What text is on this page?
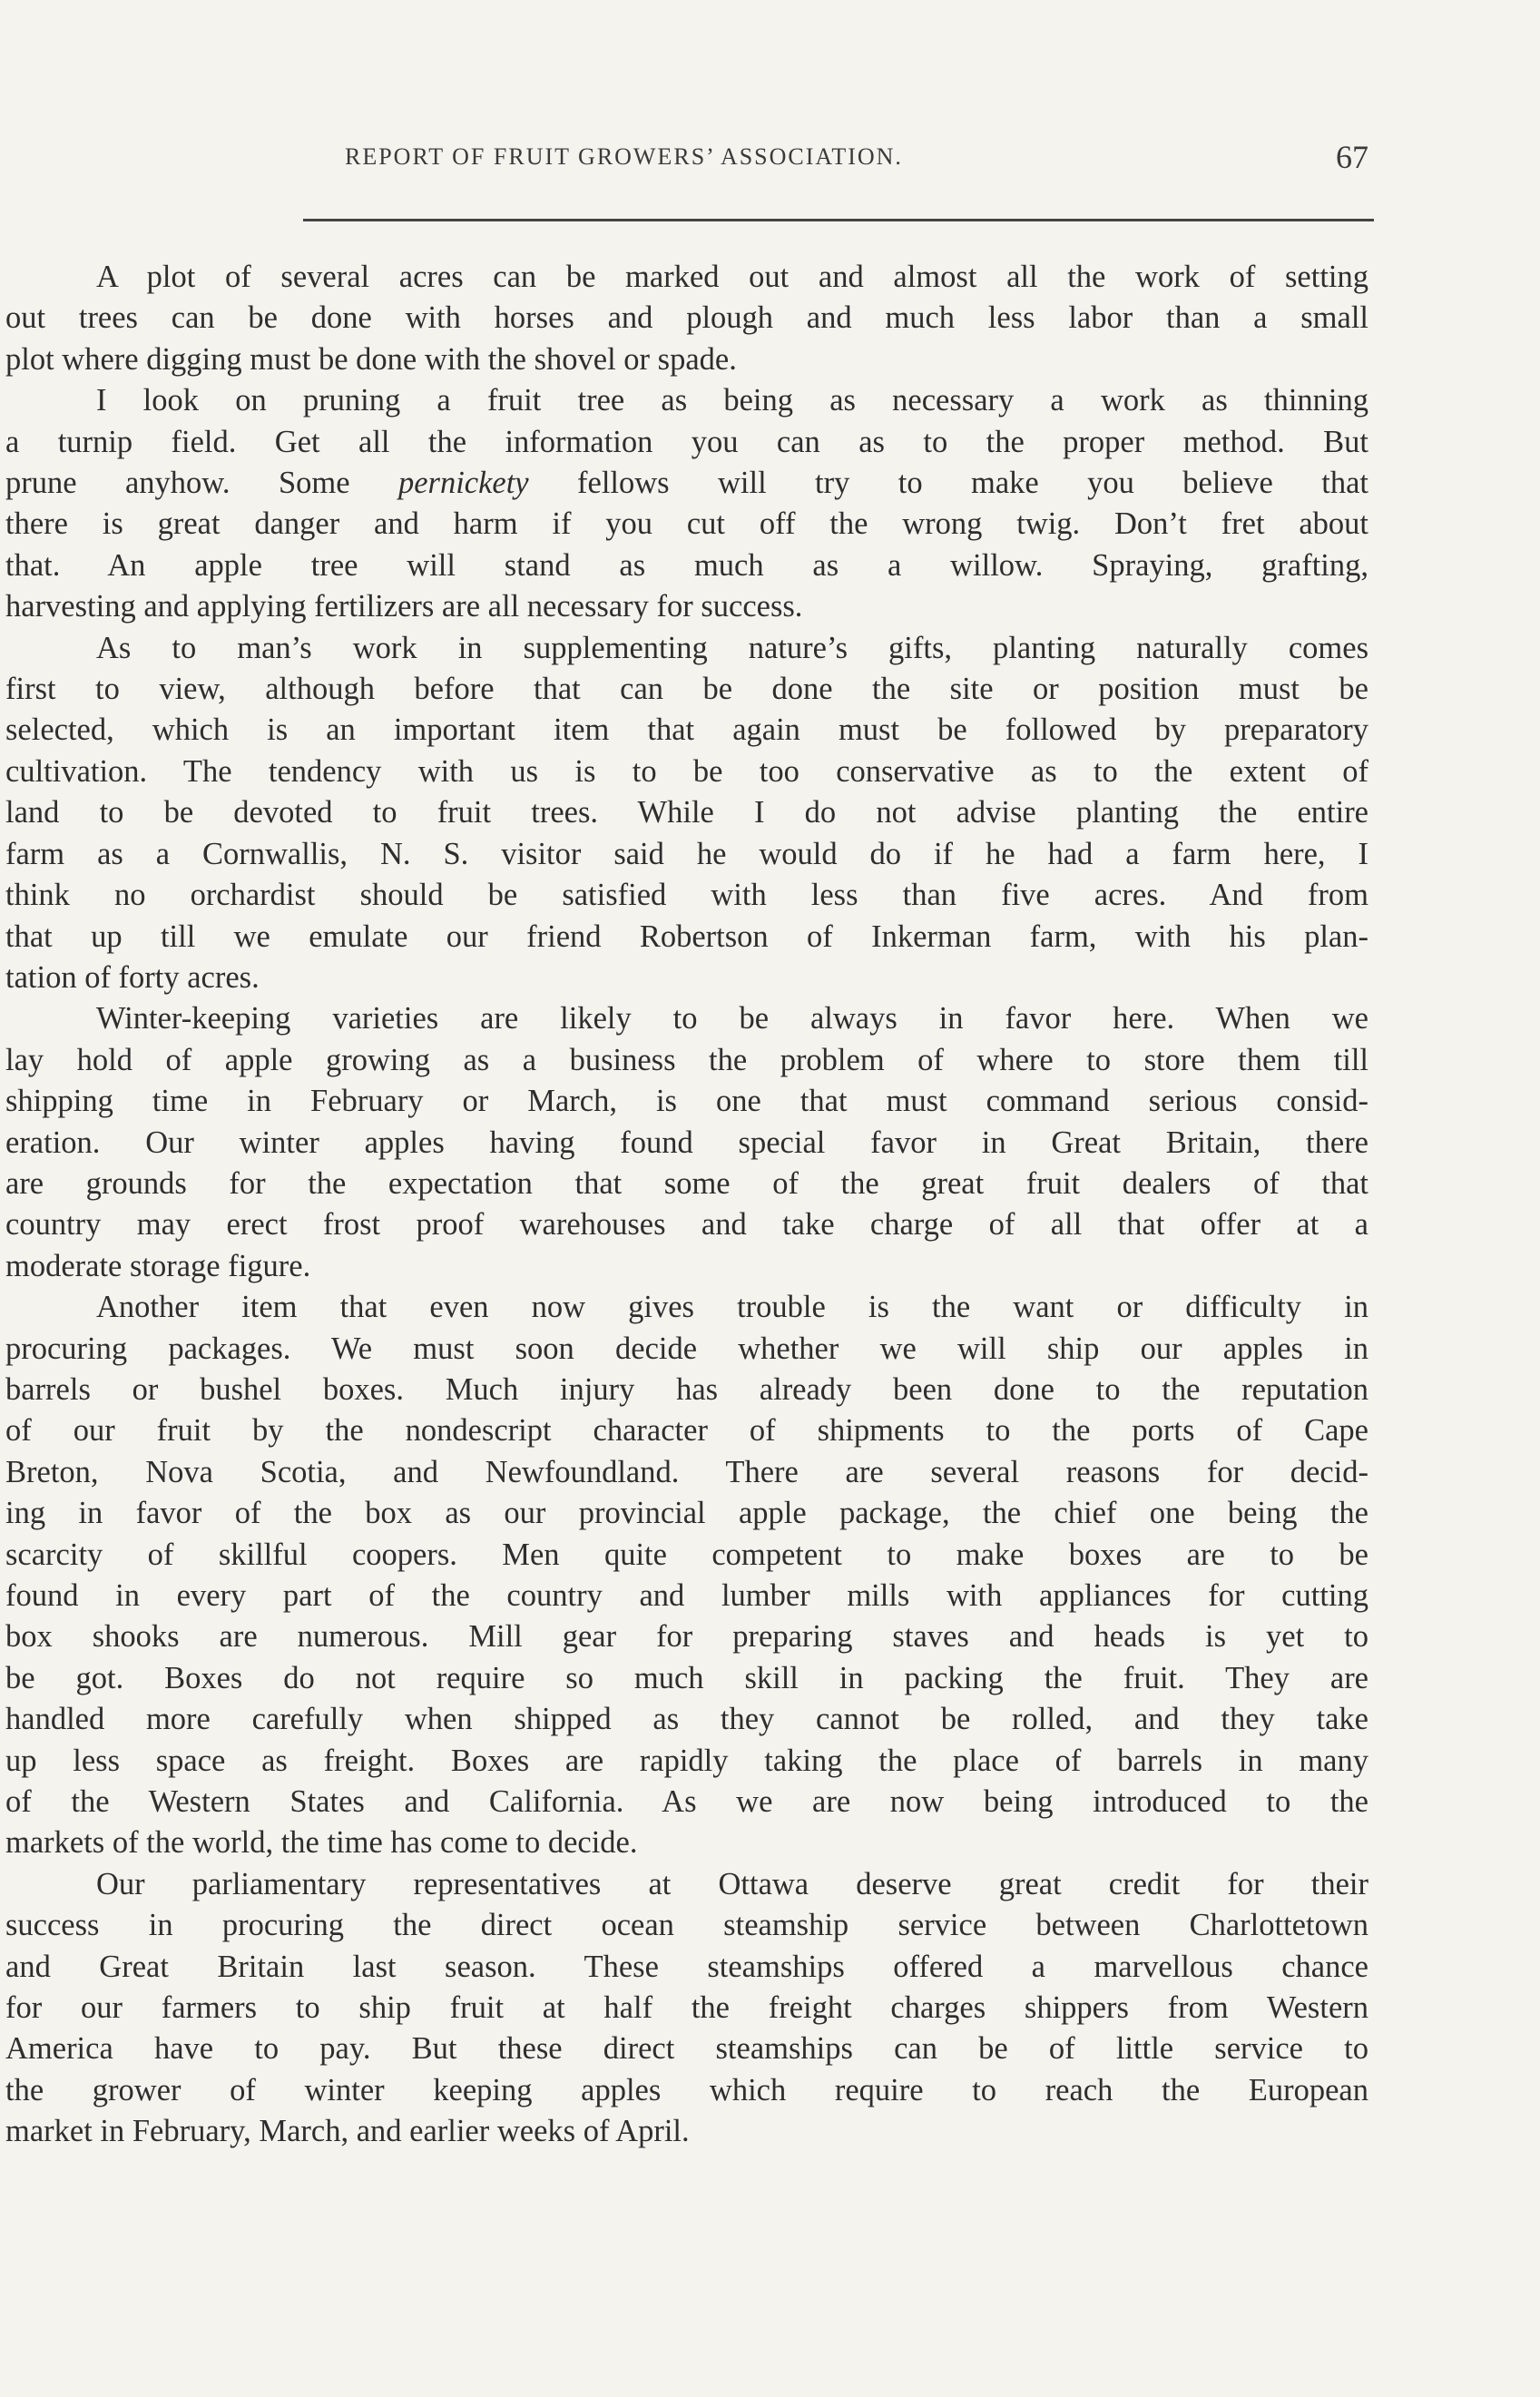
REPORT OF FRUIT GROWERS’ ASSOCIATION.	67

A plot of several acres can be marked out and almost all the work of setting
out trees can be done with horses and plough and much less labor than a small
plot where digging must be done with the shovel or spade.

I look on pruning a fruit tree as being as necessary a work as thinning
a turnip field. Get all the information you can as to the proper method. But
prune anyhow. Some pernickety fellows will try to make you believe that
there is great danger and harm if you cut off the wrong twig. Don’t fret about
that. An apple tree will stand as much as a willow. Spraying, grafting,
harvesting and applying fertilizers are all necessary for success.

As to man’s work in supplementing nature’s gifts, planting naturally comes
first to view, although before that can be done the site or position must be
selected, which is an important item that again must be followed by preparatory
cultivation. The tendency with us is to be too conservative as to the extent of
land to be devoted to fruit trees. While I do not advise planting the entire
farm as a Cornwallis, N. S. visitor said he would do if he had a farm here, I
think no orchardist should be satisfied with less than five acres. And from
that up till we emulate our friend Robertson of Inkerman farm, with his plan-
tation of forty acres.

Winter-keeping varieties are likely to be always in favor here. When we
lay hold of apple growing as a business the problem of where to store them till
shipping time in February or March, is one that must command serious consid-
eration. Our winter apples having found special favor in Great Britain, there
are grounds for the expectation that some of the great fruit dealers of that
country may erect frost proof warehouses and take charge of all that offer at a
moderate storage figure.

Another item that even now gives trouble is the want or difficulty in
procuring packages. We must soon decide whether we will ship our apples in
barrels or bushel boxes. Much injury has already been done to the reputation
of our fruit by the nondescript character of shipments to the ports of Cape
Breton, Nova Scotia, and Newfoundland. There are several reasons for decid-
ing in favor of the box as our provincial apple package, the chief one being the
scarcity of skillful coopers. Men quite competent to make boxes are to be
found in every part of the country and lumber mills with appliances for cutting
box shooks are numerous. Mill gear for preparing staves and heads is yet to
be got. Boxes do not require so much skill in packing the fruit. They are
handled more carefully when shipped as they cannot be rolled, and they take
up less space as freight. Boxes are rapidly taking the place of barrels in many
of the Western States and California. As we are now being introduced to the
markets of the world, the time has come to decide.

Our parliamentary representatives at Ottawa deserve great credit for their
success in procuring the direct ocean steamship service between Charlottetown
and Great Britain last season. These steamships offered a marvellous chance
for our farmers to ship fruit at half the freight charges shippers from Western
America have to pay. But these direct steamships can be of little service to
the grower of winter keeping apples which require to reach the European
market in February, March, and earlier weeks of April.
